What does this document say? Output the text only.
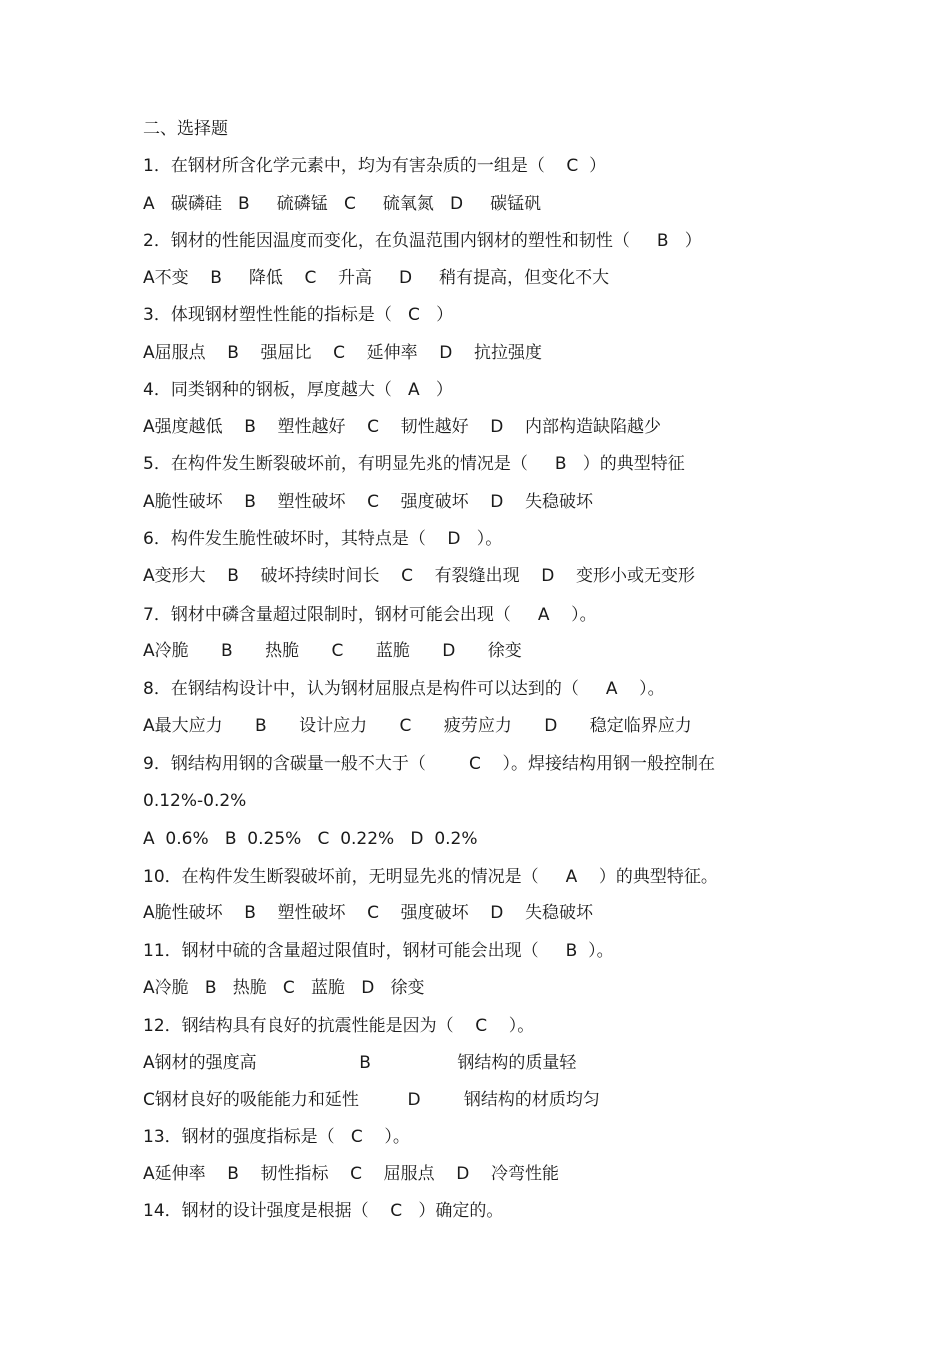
二、选择题
1．在钢材所含化学元素中，均为有害杂质的一组是（    C  ）
A   碳磷硅   B     硫磷锰   C     硫氧氮   D     碳锰矾
2．钢材的性能因温度而变化，在负温范围内钢材的塑性和韧性（     B   ）
A不变    B     降低    C    升高     D     稍有提高，但变化不大
3．体现钢材塑性性能的指标是（   C   ）
A屈服点    B    强屈比    C    延伸率    D    抗拉强度
4．同类钢种的钢板，厚度越大（   A   ）
A强度越低    B    塑性越好    C    韧性越好    D    内部构造缺陷越少
5．在构件发生断裂破坏前，有明显先兆的情况是（     B   ）的典型特征
A脆性破坏    B    塑性破坏    C    强度破坏    D    失稳破坏
6．构件发生脆性破坏时，其特点是（    D   ）。
A变形大    B    破坏持续时间长    C    有裂缝出现    D    变形小或无变形
7．钢材中磷含量超过限制时，钢材可能会出现（     A    ）。
A冷脆      B      热脆      C      蓝脆      D      徐变
8．在钢结构设计中，认为钢材屈服点是构件可以达到的（     A    ）。
A最大应力      B      设计应力      C      疲劳应力      D      稳定临界应力
9．钢结构用钢的含碳量一般不大于（        C    ）。焊接结构用钢一般控制在
0.12%-0.2%
A  0.6%   B  0.25%   C  0.22%   D  0.2%
10．在构件发生断裂破坏前，无明显先兆的情况是（     A    ）的典型特征。
A脆性破坏    B    塑性破坏    C    强度破坏    D    失稳破坏
11．钢材中硫的含量超过限值时，钢材可能会出现（     B  ）。
A冷脆   B   热脆   C   蓝脆   D   徐变
12．钢结构具有良好的抗震性能是因为（    C    ）。
A钢材的强度高                   B                钢结构的质量轻
C钢材良好的吸能能力和延性         D        钢结构的材质均匀
13．钢材的强度指标是（   C    ）。
A延伸率    B    韧性指标    C    屈服点    D    冷弯性能
14．钢材的设计强度是根据（    C   ）确定的。
